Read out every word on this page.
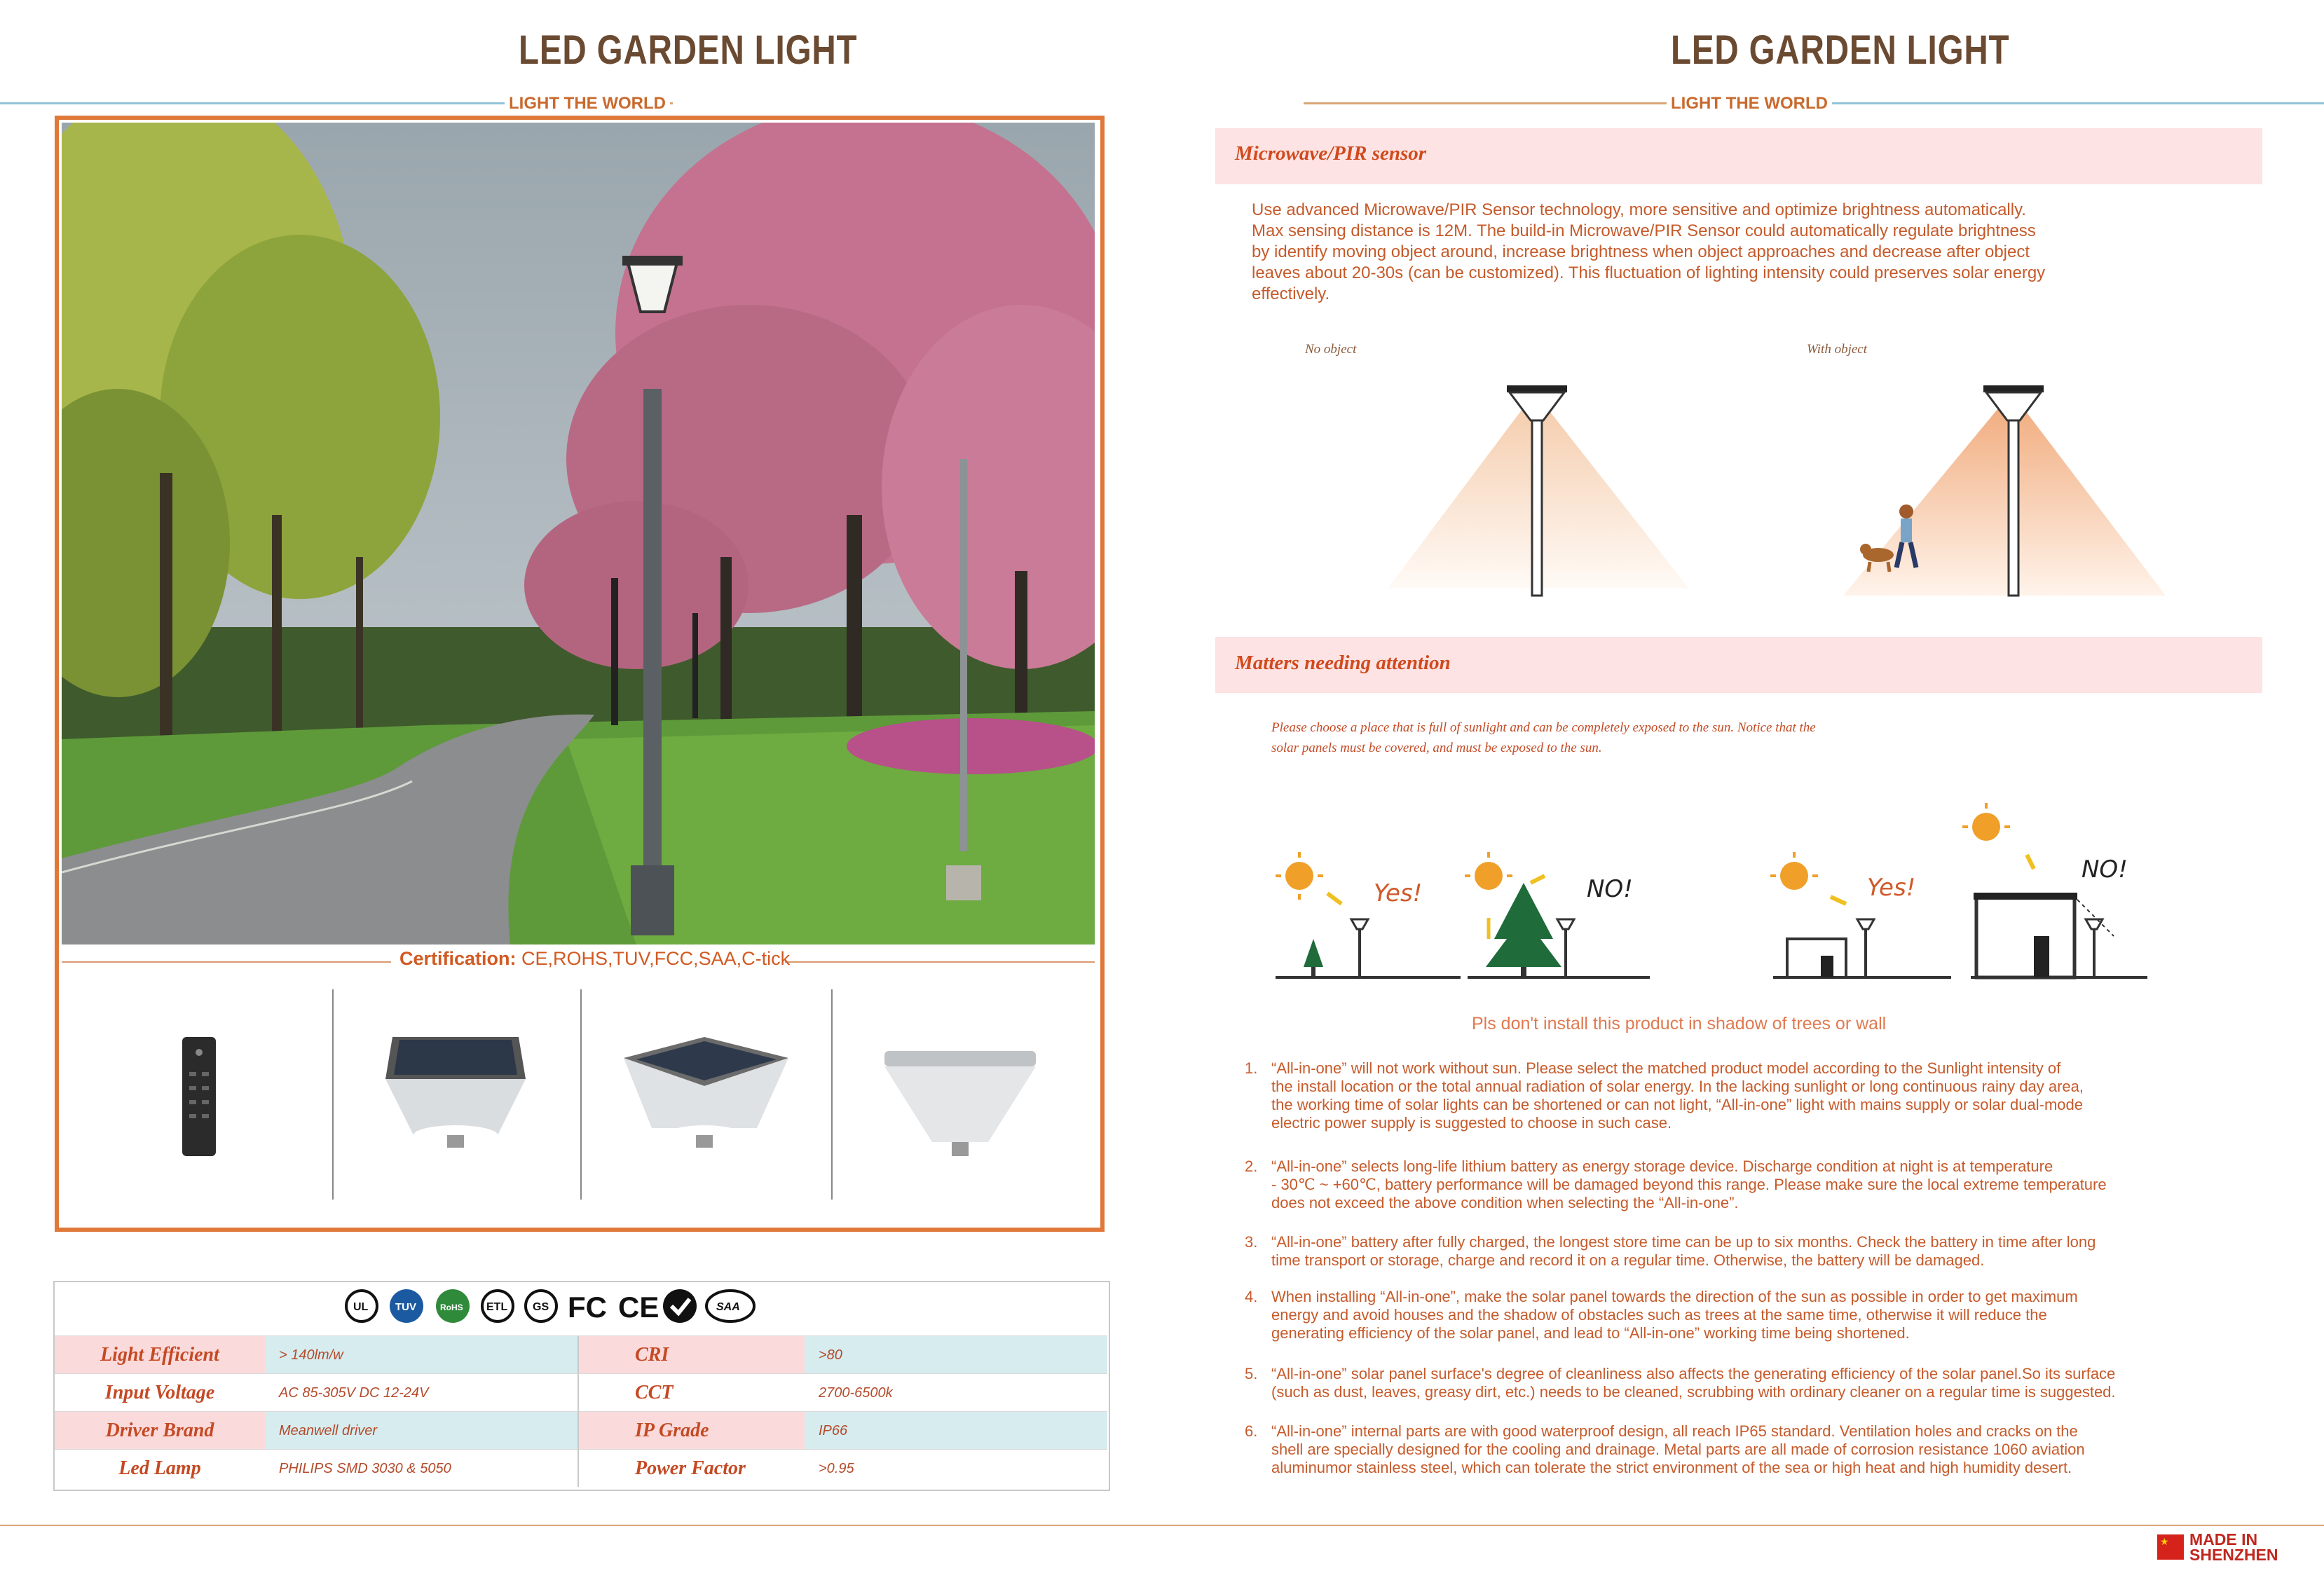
LED GARDEN LIGHT
LIGHT THE WORLD
Certification: CE,ROHS,TUV,FCC,SAA,C-tick
UL	TUV	RoHS ETL GS FC CE	SAA
Light Efficient	> 140lm/w	CRI	>80
Input Voltage	AC 85-305V DC 12-24V	CCT	2700-6500k
Driver Brand	Meanwell driver	IP Grade	IP66
Led Lamp	PHILIPS SMD 3030 & 5050	Power Factor	>0.95
LED GARDEN LIGHT
LIGHT THE WORLD
Microwave/PIR sensor
Use advanced Microwave/PIR Sensor technology, more sensitive and optimize brightness automatically.
Max sensing distance is 12M. The build-in Microwave/PIR Sensor could automatically regulate brightness
by identify moving object around, increase brightness when object approaches and decrease after object
leaves about 20-30s (can be customized). This fluctuation of lighting intensity could preserves solar energy
effectively.
No object	With object
Matters needing attention
Please choose a place that is full of sunlight and can be completely exposed to the sun. Notice that the
solar panels must be covered, and must be exposed to the sun.
Yes!	NO!	Yes!
NO!
Pls don't install this product in shadow of trees or wall
1. “All-in-one” will not work without sun. Please select the matched product model according to the Sunlight intensity of
the install location or the total annual radiation of solar energy. In the lacking sunlight or long continuous rainy day area,
the working time of solar lights can be shortened or can not light, “All-in-one” light with mains supply or solar dual-mode
electric power supply is suggested to choose in such case.
2. “All-in-one” selects long-life lithium battery as energy storage device. Discharge condition at night is at temperature
- 30℃ ~ +60℃, battery performance will be damaged beyond this range. Please make sure the local extreme temperature
does not exceed the above condition when selecting the “All-in-one”.
3. “All-in-one” battery after fully charged, the longest store time can be up to six months. Check the battery in time after long
time transport or storage, charge and record it on a regular time. Otherwise, the battery will be damaged.
4. When installing “All-in-one”, make the solar panel towards the direction of the sun as possible in order to get maximum
energy and avoid houses and the shadow of obstacles such as trees at the same time, otherwise it will reduce the
generating efficiency of the solar panel, and lead to “All-in-one” working time being shortened.
5. “All-in-one” solar panel surface's degree of cleanliness also affects the generating efficiency of the solar panel.So its surface
(such as dust, leaves, greasy dirt, etc.) needs to be cleaned, scrubbing with ordinary cleaner on a regular time is suggested.
6. “All-in-one” internal parts are with good waterproof design, all reach IP65 standard. Ventilation holes and cracks on the
shell are specially designed for the cooling and drainage. Metal parts are all made of corrosion resistance 1060 aviation
aluminumor stainless steel, which can tolerate the strict environment of the sea or high heat and high humidity desert.
★ MADE IN
SHENZHEN
